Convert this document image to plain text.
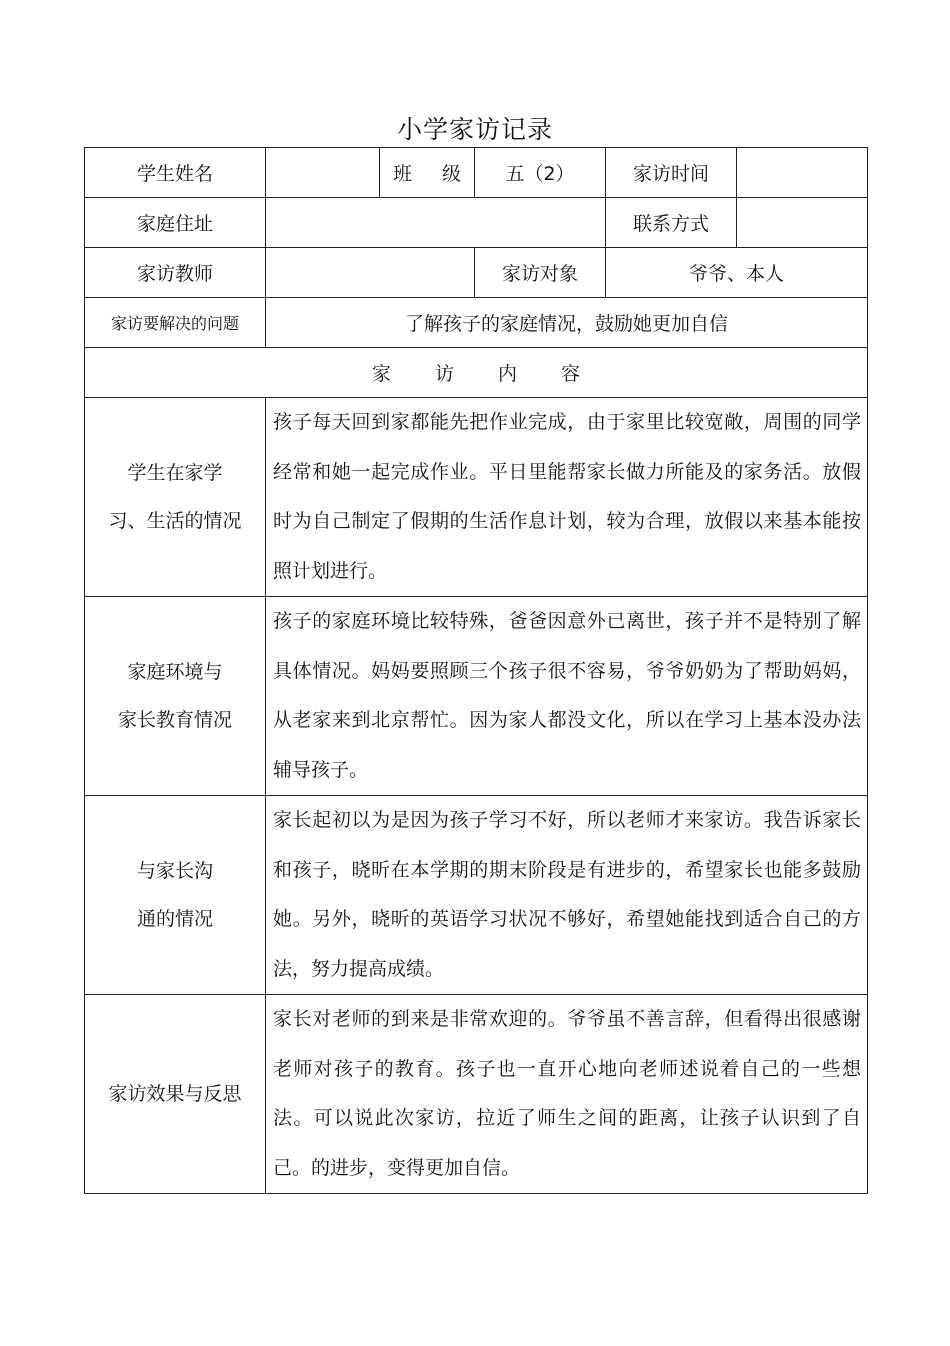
小学家访记录
学生姓名		班 级	五（2）	家访时间	
家庭住址				联系方式	
家访教师			家访对象	爷爷、本人	
家访要解决的问题	了解孩子的家庭情况，鼓励她更加自信				
家访内容					

学生在家学
习、生活的情况	孩子每天回到家都能先把作业完成，由于家里比较宽敞，周围的同学经常和她一起完成作业。平日里能帮家长做力所能及的家务活。放假时为自己制定了假期的生活作息计划，较为合理，放假以来基本能按照计划进行。				

家庭环境与
家长教育情况	孩子的家庭环境比较特殊，爸爸因意外已离世，孩子并不是特别了解具体情况。妈妈要照顾三个孩子很不容易，爷爷奶奶为了帮助妈妈，从老家来到北京帮忙。因为家人都没文化，所以在学习上基本没办法辅导孩子。				

与家长沟
通的情况	家长起初以为是因为孩子学习不好，所以老师才来家访。我告诉家长和孩子，晓昕在本学期的期末阶段是有进步的，希望家长也能多鼓励她。另外，晓昕的英语学习状况不够好，希望她能找到适合自己的方法，努力提高成绩。				

家访效果与反思	家长对老师的到来是非常欢迎的。爷爷虽不善言辞，但看得出很感谢老师对孩子的教育。孩子也一直开心地向老师述说着自己的一些想法。可以说此次家访，拉近了师生之间的距离，让孩子认识到了自己。的进步，变得更加自信。				
